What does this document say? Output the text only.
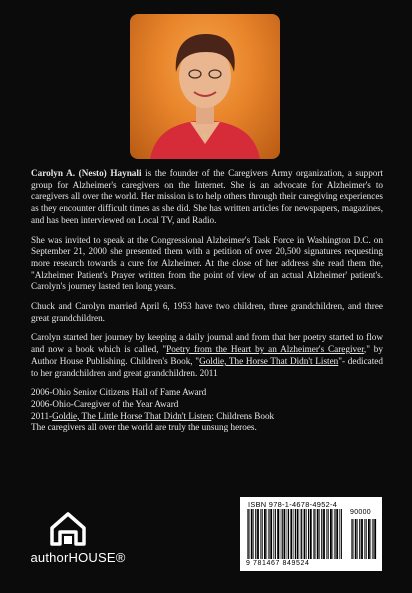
Carolyn A. (Nesto) Haynali is the founder of the Caregivers Army organization, a support group for Alzheimer's caregivers on the Internet. She is an advocate for Alzheimer's to caregivers all over the world. Her mission is to help others through their caregiving experiences as they encounter difficult times as she did. She has written articles for newspapers, magazines, and has been interviewed on Local TV, and Radio.

She was invited to speak at the Congressional Alzheimer's Task Force in Washington D.C. on September 21, 2000 she presented them with a petition of over 20,500 signatures requesting more research towards a cure for Alzheimer. At the close of her address she read them the, "Alzheimer Patient's Prayer written from the point of view of an actual Alzheimer' patient's. Carolyn's journey lasted ten long years.

Chuck and Carolyn married April 6, 1953 have two children, three grandchildren, and three great grandchildren.

Carolyn started her journey by keeping a daily journal and from that her poetry started to flow and now a book which is called, "Poetry from the Heart by an Alzheimer's Caregiver," by Author House Publishing. Children's Book, "Goldie, The Horse That Didn't Listen"- dedicated to her grandchildren and great grandchildren. 2011

2006-Ohio Senior Citizens Hall of Fame Award

2006-Ohio-Caregiver of the Year Award

2011-Goldie, The Little Horse That Didn't Listen: Childrens Book

The caregivers all over the world are truly the unsung heroes.

authorHOUSE®
ISBN 978-1-4678-4952-4
90000
9 781467 849524
